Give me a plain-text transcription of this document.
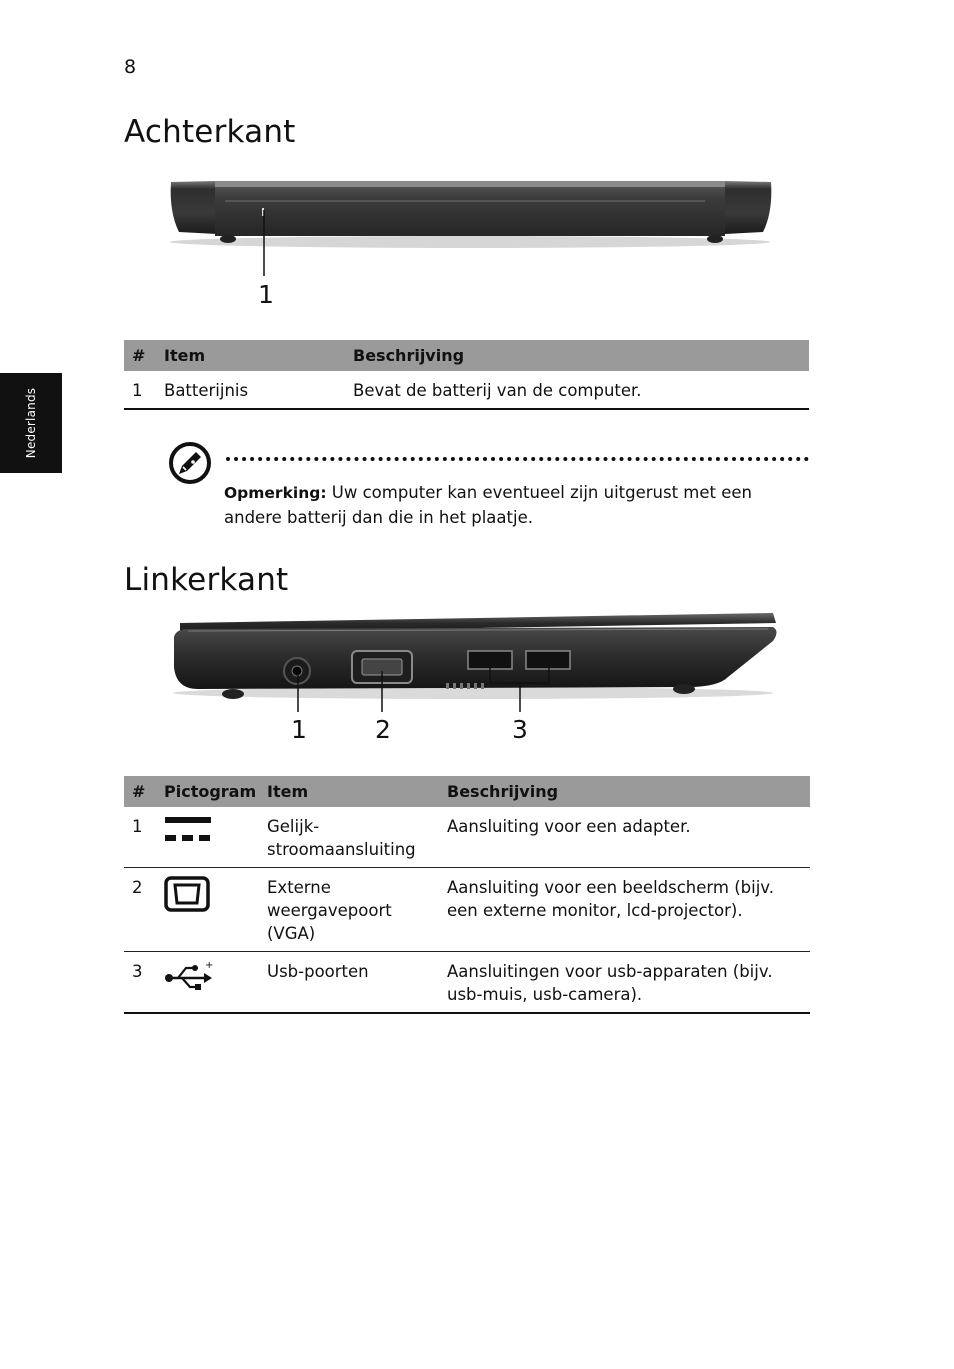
8
Nederlands
Achterkant
1
#	Item	Beschrijving
1	Batterijnis	Bevat de batterij van de computer.
Opmerking: Uw computer kan eventueel zijn uitgerust met een andere batterij dan die in het plaatje.
Linkerkant
1	2	3
#	Pictogram	Item	Beschrijving
1		Gelijk-stroomaansluiting	Aansluiting voor een adapter.
2		Externe weergavepoort (VGA)	Aansluiting voor een beeldscherm (bijv. een externe monitor, lcd-projector).
3	+	Usb-poorten	Aansluitingen voor usb-apparaten (bijv. usb-muis, usb-camera).
